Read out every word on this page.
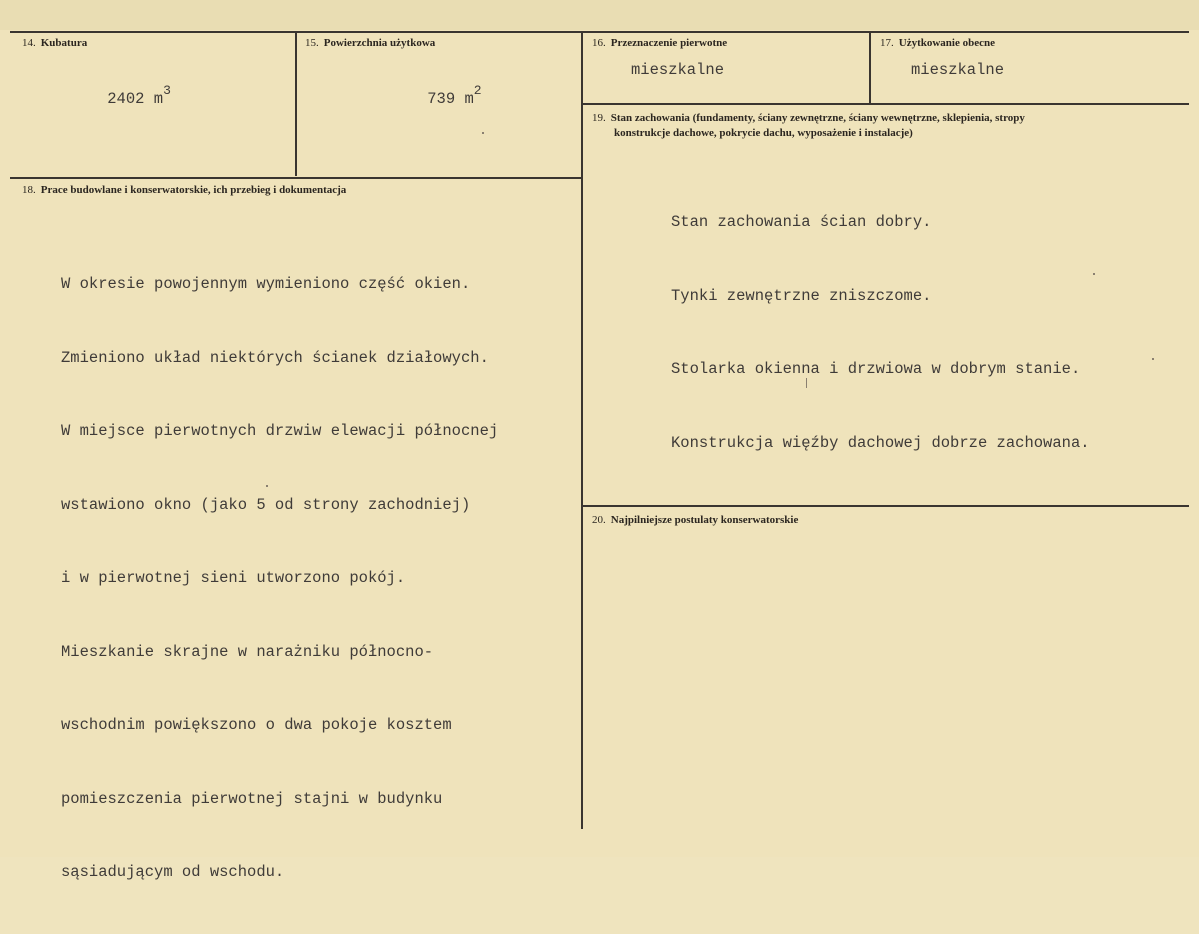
14. Kubatura

2402 $m^3$

15. Powierzchnia użytkowa

739 $m^2$

16. Przeznaczenie pierwotne
mieszkalne
17. Użytkowanie obecne
mieszkalne
18. Prace budowlane i konserwatorskie, ich przebieg i dokumentacja

W okresie powojennym wymieniono część okien.

Zmieniono układ niektórych ścianek działowych.

W miejsce pierwotnych drzwiw elewacji północnej

wstawiono okno (jako 5 od strony zachodniej)

i w pierwotnej sieni utworzono pokój.

Mieszkanie skrajne w narażniku północno-

wschodnim powiększono o dwa pokoje kosztem

pomieszczenia pierwotnej stajni w budynku

sąsiadującym od wschodu.

19. Stan zachowania (fundamenty, ściany zewnętrzne, ściany wewnętrzne, sklepienia, stropy
konstrukcje dachowe, pokrycie dachu, wyposażenie i instalacje)

Stan zachowania ścian dobry.

Tynki zewnętrzne zniszczome.

Stolarka okienna i drzwiowa w dobrym stanie.

Konstrukcja więźby dachowej dobrze zachowana.

20. Najpilniejsze postulaty konserwatorskie
